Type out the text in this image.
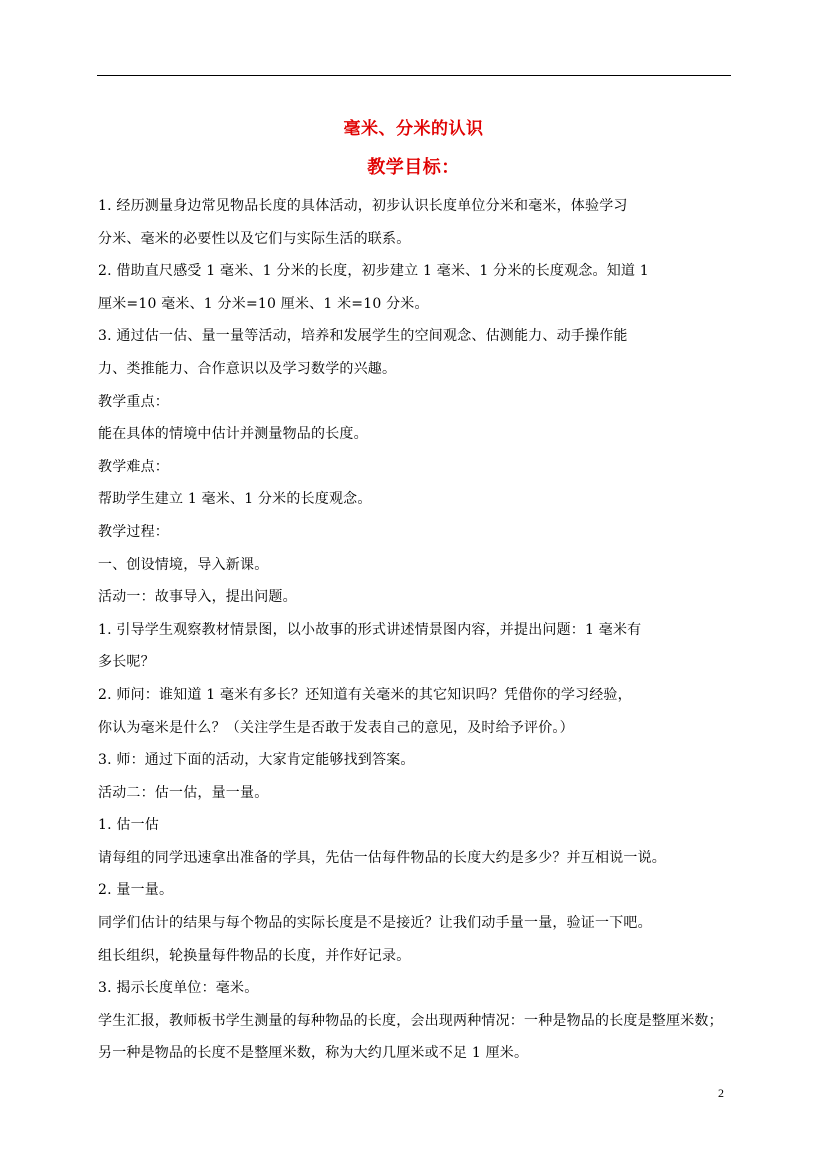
毫米、分米的认识
教学目标：
1. 经历测量身边常见物品长度的具体活动，初步认识长度单位分米和毫米，体验学习
分米、毫米的必要性以及它们与实际生活的联系。
2. 借助直尺感受 1 毫米、1 分米的长度，初步建立 1 毫米、1 分米的长度观念。知道 1
厘米=10 毫米、1 分米=10 厘米、1 米=10 分米。
3. 通过估一估、量一量等活动，培养和发展学生的空间观念、估测能力、动手操作能
力、类推能力、合作意识以及学习数学的兴趣。
教学重点：
能在具体的情境中估计并测量物品的长度。
教学难点：
帮助学生建立 1 毫米、1 分米的长度观念。
教学过程：
一、创设情境，导入新课。
活动一：故事导入，提出问题。
1. 引导学生观察教材情景图，以小故事的形式讲述情景图内容，并提出问题：1 毫米有
多长呢？
2. 师问：谁知道 1 毫米有多长？还知道有关毫米的其它知识吗？凭借你的学习经验，
你认为毫米是什么？（关注学生是否敢于发表自己的意见，及时给予评价。）
3. 师：通过下面的活动，大家肯定能够找到答案。
活动二：估一估，量一量。
1. 估一估
请每组的同学迅速拿出准备的学具，先估一估每件物品的长度大约是多少？并互相说一说。
2. 量一量。
同学们估计的结果与每个物品的实际长度是不是接近？让我们动手量一量，验证一下吧。
组长组织，轮换量每件物品的长度，并作好记录。
3. 揭示长度单位：毫米。
学生汇报，教师板书学生测量的每种物品的长度，会出现两种情况：一种是物品的长度是整厘米数；
另一种是物品的长度不是整厘米数，称为大约几厘米或不足 1 厘米。
2
